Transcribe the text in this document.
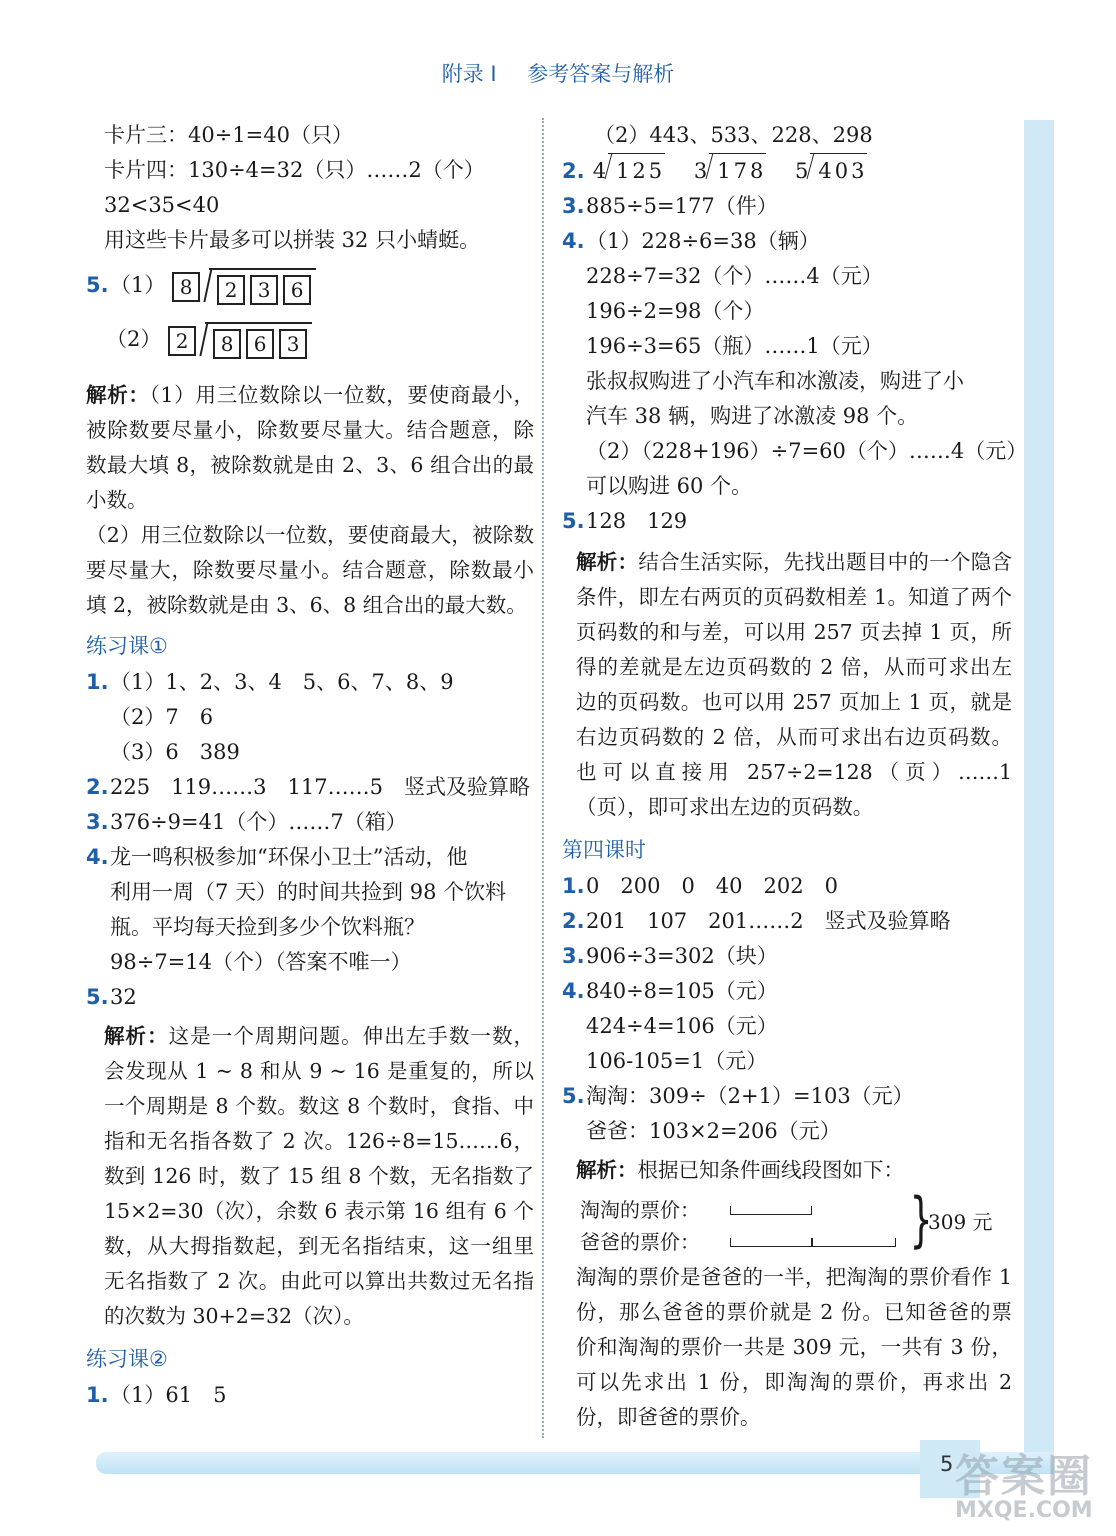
附录 I 参考答案与解析
卡片三：40÷1=40（只）
卡片四：130÷4=32（只）……2（个）
32<35<40
用这些卡片最多可以拼装 32 只小蜻蜓。
5.（1） 8	2	3	6
（2） 2	8	6	3
解析：（1）用三位数除以一位数，要使商最小，被除数要尽量小，除数要尽量大。结合题意，除数最大填 8，被除数就是由 2、3、6 组合出的最小数。
（2）用三位数除以一位数，要使商最大，被除数要尽量大，除数要尽量小。结合题意，除数最小填 2，被除数就是由 3、6、8 组合出的最大数。
练习课①
1.（1）1、2、3、4　5、6、7、8、9
（2）7　6
（3）6　389
2.225　119……3　117……5　竖式及验算略
3.376÷9=41（个）……7（箱）
4.龙一鸣积极参加“环保小卫士”活动，他
利用一周（7 天）的时间共捡到 98 个饮料
瓶。平均每天捡到多少个饮料瓶？
98÷7=14（个）（答案不唯一）
5.32
解析：这是一个周期问题。伸出左手数一数，会发现从 1 ~ 8 和从 9 ~ 16 是重复的，所以一个周期是 8 个数。数这 8 个数时，食指、中指和无名指各数了 2 次。126÷8=15……6，数到 126 时，数了 15 组 8 个数，无名指数了 15×2=30（次），余数 6 表示第 16 组有 6 个数，从大拇指数起，到无名指结束，这一组里无名指数了 2 次。由此可以算出共数过无名指的次数为 30+2=32（次）。
练习课②
1.（1）61　5
（2）443、533、228、298
2. 4 125
3 178
5 403
3.885÷5=177（件）
4.（1）228÷6=38（辆）
228÷7=32（个）……4（元）
196÷2=98（个）
196÷3=65（瓶）……1（元）
张叔叔购进了小汽车和冰激凌，购进了小
汽车 38 辆，购进了冰激凌 98 个。
（2）（228+196）÷7=60（个）……4（元）
可以购进 60 个。
5.128　129
解析：结合生活实际，先找出题目中的一个隐含条件，即左右两页的页码数相差 1。知道了两个页码数的和与差，可以用 257 页去掉 1 页，所得的差就是左边页码数的 2 倍，从而可求出左边的页码数。也可以用 257 页加上 1 页，就是右边页码数的 2 倍，从而可求出右边页码数。也可以直接用 257÷2=128（页）……1（页），即可求出左边的页码数。
第四课时
1.0　200　0　40　202　0
2.201　107　201……2　竖式及验算略
3.906÷3=302（块）
4.840÷8=105（元）
424÷4=106（元）
106-105=1（元）
5.淘淘：309÷（2+1）=103（元）
爸爸：103×2=206（元）
解析：根据已知条件画线段图如下：
淘淘的票价：
爸爸的票价：	}
309 元
淘淘的票价是爸爸的一半，把淘淘的票价看作 1 份，那么爸爸的票价就是 2 份。已知爸爸的票价和淘淘的票价一共是 309 元，一共有 3 份，可以先求出 1 份，即淘淘的票价，再求出 2 份，即爸爸的票价。
5 答案圈
MXQE.COM
